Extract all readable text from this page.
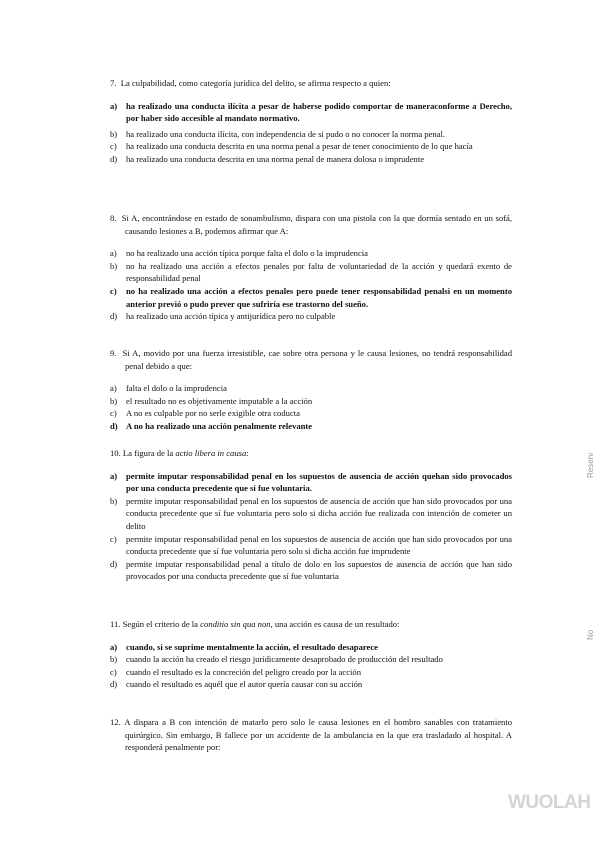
7. La culpabilidad, como categoría jurídica del delito, se afirma respecto a quien:

a)	ha realizado una conducta ilícita a pesar de haberse podido comportar de maneraconforme a Derecho, por haber sido accesible al mandato normativo.
b)	ha realizado una conducta ilícita, con independencia de si pudo o no conocer la norma penal.
c)	ha realizado una conducta descrita en una norma penal a pesar de tener conocimiento de lo que hacía
d)	ha realizado una conducta descrita en una norma penal de manera dolosa o imprudente

8. Si A, encontrándose en estado de sonambulismo, dispara con una pistola con la que dormía sentado en un sofá, causando lesiones a B, podemos afirmar que A:

a)	no ha realizado una acción típica porque falta el dolo o la imprudencia
b)	no ha realizado una acción a efectos penales por falta de voluntariedad de la acción y quedará exento de responsabilidad penal
c)	no ha realizado una acción a efectos penales pero puede tener responsabilidad penalsi en un momento anterior previó o pudo prever que sufriría ese trastorno del sueño.
d)	ha realizado una acción típica y antijurídica pero no culpable

9. Si A, movido por una fuerza irresistible, cae sobre otra persona y le causa lesiones, no tendrá responsabilidad penal debido a que:

a)	falta el dolo o la imprudencia
b)	el resultado no es objetivamente imputable a la acción
c)	A no es culpable por no serle exigible otra coducta
d) A no ha realizado una acción penalmente relevante

10. La figura de la actio libera in causa:

a)	permite imputar responsabilidad penal en los supuestos de ausencia de acción quehan sido provocados por una conducta precedente que sí fue voluntaria.
b)	permite imputar responsabilidad penal en los supuestos de ausencia de acción que han sido provocados por una conducta precedente que sí fue voluntaria pero solo si dicha acción fue realizada con intención de cometer un delito
c)	permite imputar responsabilidad penal en los supuestos de ausencia de acción que han sido provocados por una conducta precedente que sí fue voluntaria pero solo si dicha acción fue imprudente
d)	permite imputar responsabilidad penal a título de dolo en los supuestos de ausencia de acción que han sido provocados por una conducta precedente que sí fue voluntaria

11. Según el criterio de la conditio sin qua non, una acción es causa de un resultado:

a)	cuando, si se suprime mentalmente la acción, el resultado desaparece
b)	cuando la acción ha creado el riesgo jurídicamente desaprobado de producción del resultado
c)	cuando el resultado es la concreción del peligro creado por la acción
d)	cuando el resultado es aquél que el autor quería causar con su acción

12. A dispara a B con intención de matarlo pero solo le causa lesiones en el hombro sanables con tratamiento quirúrgico. Sin embargo, B fallece por un accidente de la ambulancia en la que era trasladado al hospital. A responderá penalmente por:

Reserv
No
WUOLAH
